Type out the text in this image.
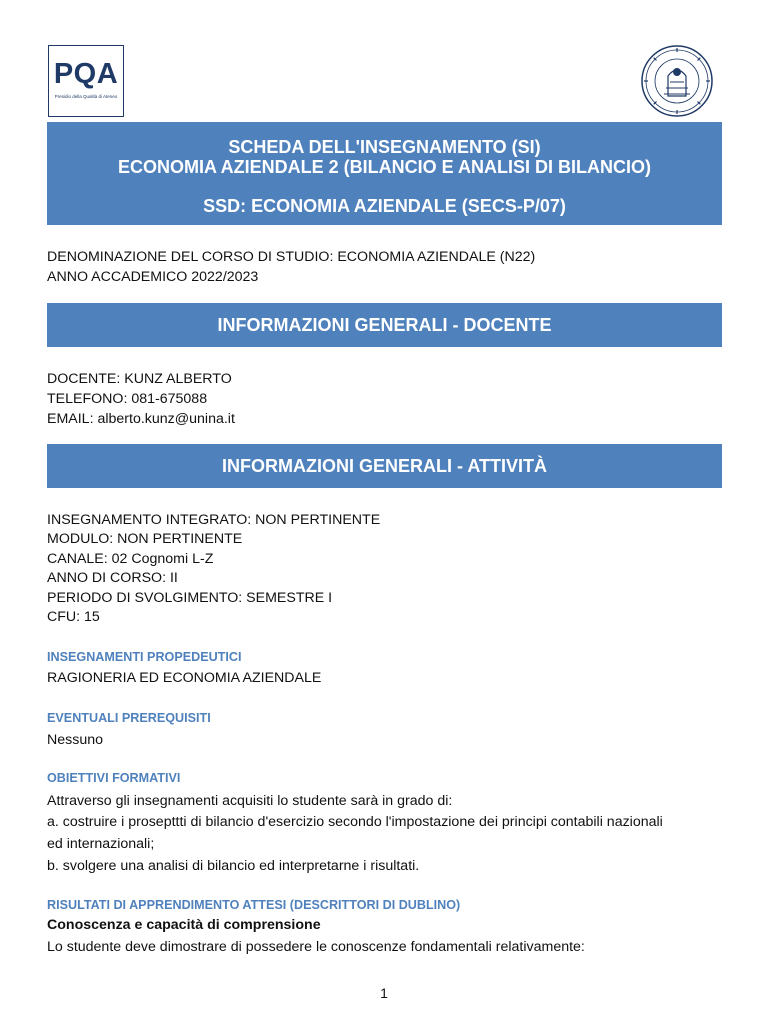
PQA
Presidio della Qualità di Ateneo
SCHEDA DELL'INSEGNAMENTO (SI)
ECONOMIA AZIENDALE 2 (BILANCIO E ANALISI DI BILANCIO)
SSD: ECONOMIA AZIENDALE (SECS-P/07)
DENOMINAZIONE DEL CORSO DI STUDIO: ECONOMIA AZIENDALE (N22)
ANNO ACCADEMICO 2022/2023
INFORMAZIONI GENERALI - DOCENTE
DOCENTE: KUNZ ALBERTO
TELEFONO: 081-675088
EMAIL: alberto.kunz@unina.it
INFORMAZIONI GENERALI - ATTIVITÀ
INSEGNAMENTO INTEGRATO: NON PERTINENTE
MODULO: NON PERTINENTE
CANALE: 02 Cognomi L-Z
ANNO DI CORSO: II
PERIODO DI SVOLGIMENTO: SEMESTRE I
CFU: 15
INSEGNAMENTI PROPEDEUTICI
RAGIONERIA ED ECONOMIA AZIENDALE
EVENTUALI PREREQUISITI
Nessuno
OBIETTIVI FORMATIVI
Attraverso gli insegnamenti acquisiti lo studente sarà in grado di:
a. costruire i prosepttti di bilancio d'esercizio secondo l'impostazione dei principi contabili nazionali
ed internazionali;
b. svolgere una analisi di bilancio ed interpretarne i risultati.
RISULTATI DI APPRENDIMENTO ATTESI (DESCRITTORI DI DUBLINO)
Conoscenza e capacità di comprensione
Lo studente deve dimostrare di possedere le conoscenze fondamentali relativamente:
1
